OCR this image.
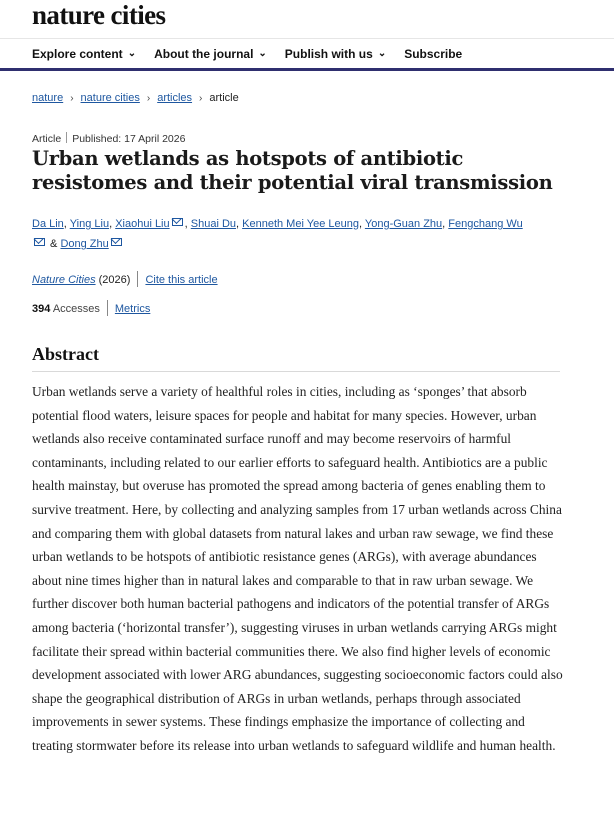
nature cities
Explore content ⌄ About the journal ⌄ Publish with us ⌄ Subscribe
nature › nature cities › articles › article
Article Published: 17 April 2026
Urban wetlands as hotspots of antibiotic resistomes and their potential viral transmission
Da Lin, Ying Liu, Xiaohui Liu , Shuai Du, Kenneth Mei Yee Leung, Yong-Guan Zhu, Fengchang Wu
& Dong Zhu
Nature Cities (2026) Cite this article
394 Accesses Metrics
Abstract

Urban wetlands serve a variety of healthful roles in cities, including as ‘sponges’ that absorb potential flood waters, leisure spaces for people and habitat for many species. However, urban wetlands also receive contaminated surface runoff and may become reservoirs of harmful contaminants, including related to our earlier efforts to safeguard health. Antibiotics are a public health mainstay, but overuse has promoted the spread among bacteria of genes enabling them to survive treatment. Here, by collecting and analyzing samples from 17 urban wetlands across China and comparing them with global datasets from natural lakes and urban raw sewage, we find these urban wetlands to be hotspots of antibiotic resistance genes (ARGs), with average abundances about nine times higher than in natural lakes and comparable to that in raw urban sewage. We further discover both human bacterial pathogens and indicators of the potential transfer of ARGs among bacteria (‘horizontal transfer’), suggesting viruses in urban wetlands carrying ARGs might facilitate their spread within bacterial communities there. We also find higher levels of economic development associated with lower ARG abundances, suggesting socioeconomic factors could also shape the geographical distribution of ARGs in urban wetlands, perhaps through associated improvements in sewer systems. These findings emphasize the importance of collecting and treating stormwater before its release into urban wetlands to safeguard wildlife and human health.
